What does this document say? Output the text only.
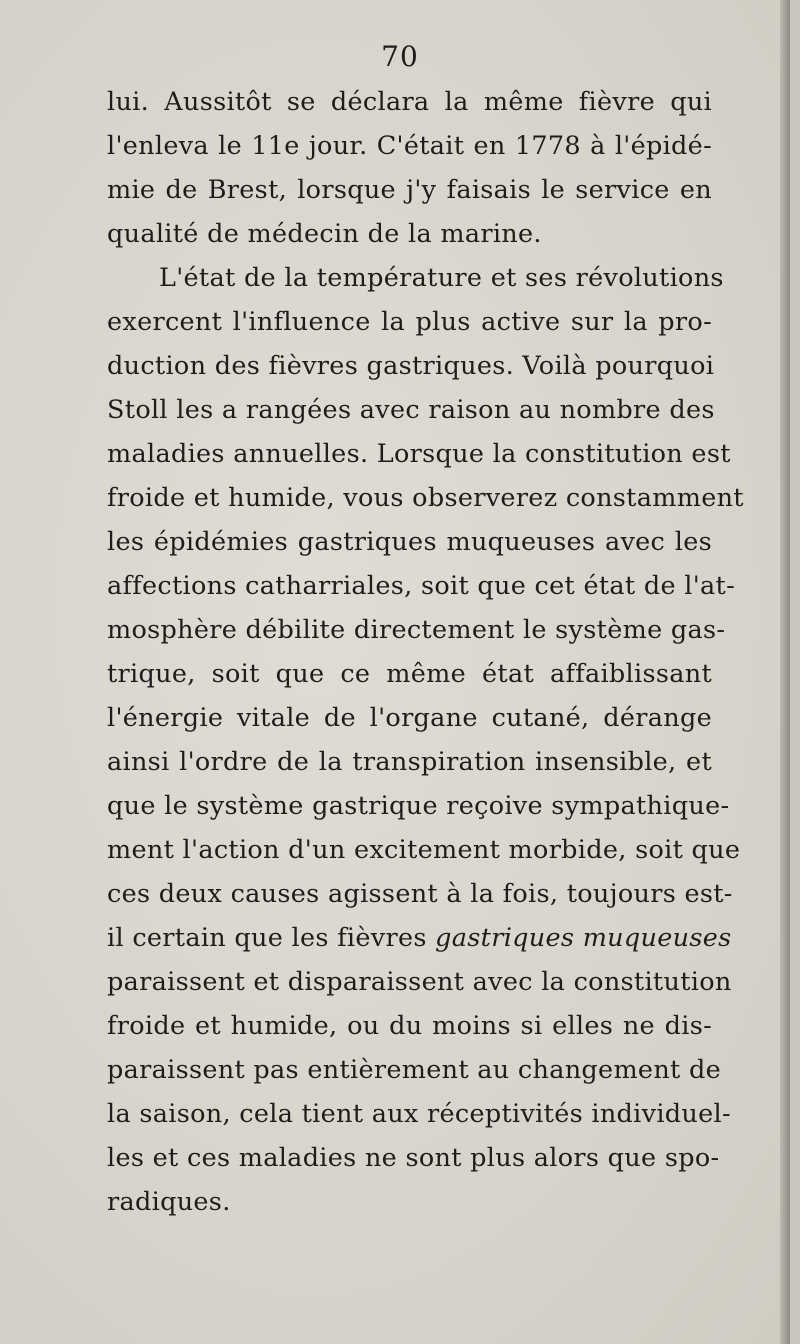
70
lui. Aussitôt se déclara la même fièvre qui
l'enleva le 11e jour. C'était en 1778 à l'épidé-
mie de Brest, lorsque j'y faisais le service en
qualité de médecin de la marine.
L'état de la température et ses révolutions
exercent l'influence la plus active sur la pro-
duction des fièvres gastriques. Voilà pourquoi
Stoll les a rangées avec raison au nombre des
maladies annuelles. Lorsque la constitution est
froide et humide, vous observerez constamment
les épidémies gastriques muqueuses avec les
affections catharriales, soit que cet état de l'at-
mosphère débilite directement le système gas-
trique, soit que ce même état affaiblissant
l'énergie vitale de l'organe cutané, dérange
ainsi l'ordre de la transpiration insensible, et
que le système gastrique reçoive sympathique-
ment l'action d'un excitement morbide, soit que
ces deux causes agissent à la fois, toujours est-
il certain que les fièvres gastriques muqueuses
paraissent et disparaissent avec la constitution
froide et humide, ou du moins si elles ne dis-
paraissent pas entièrement au changement de
la saison, cela tient aux réceptivités individuel-
les et ces maladies ne sont plus alors que spo-
radiques.
